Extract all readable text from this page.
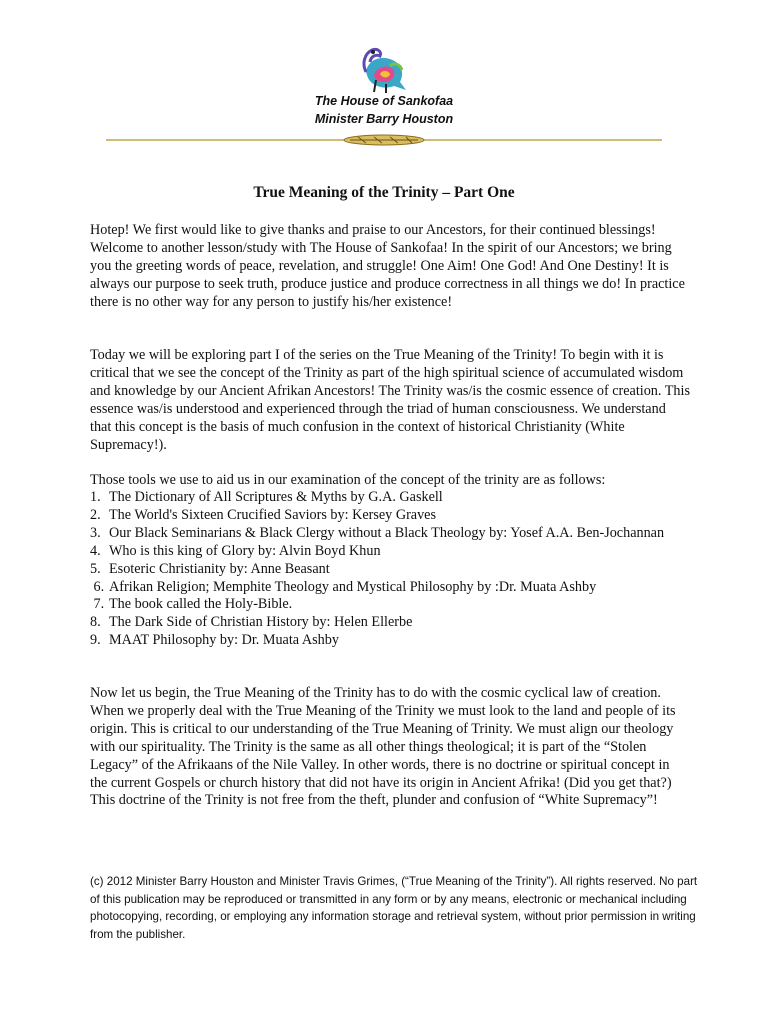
The House of Sankofaa
Minister Barry Houston
True Meaning of the Trinity – Part One

Hotep! We first would like to give thanks and praise to our Ancestors, for their continued blessings! Welcome to another lesson/study with The House of Sankofaa! In the spirit of our Ancestors; we bring you the greeting words of peace, revelation, and struggle! One Aim! One God! And One Destiny! It is always our purpose to seek truth, produce justice and produce correctness in all things we do! In practice there is no other way for any person to justify his/her existence!

Today we will be exploring part I of the series on the True Meaning of the Trinity! To begin with it is critical that we see the concept of the Trinity as part of the high spiritual science of accumulated wisdom and knowledge by our Ancient Afrikan Ancestors! The Trinity was/is the cosmic essence of creation. This essence was/is understood and experienced through the triad of human consciousness. We understand that this concept is the basis of much confusion in the context of historical Christianity (White Supremacy!).

Those tools we use to aid us in our examination of the concept of the trinity are as follows:

1. The Dictionary of All Scriptures & Myths by G.A. Gaskell
2. The World's Sixteen Crucified Saviors by: Kersey Graves
3. Our Black Seminarians & Black Clergy without a Black Theology by: Yosef A.A. Ben-Jochannan
4. Who is this king of Glory by: Alvin Boyd Khun
5. Esoteric Christianity by: Anne Beasant
6. Afrikan Religion; Memphite Theology and Mystical Philosophy by :Dr. Muata Ashby
7. The book called the Holy-Bible.
8. The Dark Side of Christian History by: Helen Ellerbe
9. MAAT Philosophy by: Dr. Muata Ashby

Now let us begin, the True Meaning of the Trinity has to do with the cosmic cyclical law of creation. When we properly deal with the True Meaning of the Trinity we must look to the land and people of its origin. This is critical to our understanding of the True Meaning of Trinity. We must align our theology with our spirituality. The Trinity is the same as all other things theological; it is part of the “Stolen Legacy” of the Afrikaans of the Nile Valley. In other words, there is no doctrine or spiritual concept in the current Gospels or church history that did not have its origin in Ancient Afrika! (Did you get that?) This doctrine of the Trinity is not free from the theft, plunder and confusion of “White Supremacy”!

(c) 2012 Minister Barry Houston and Minister Travis Grimes, (“True Meaning of the Trinity”). All rights reserved. No part of this publication may be reproduced or transmitted in any form or by any means, electronic or mechanical including photocopying, recording, or employing any information storage and retrieval system, without prior permission in writing from the publisher.
